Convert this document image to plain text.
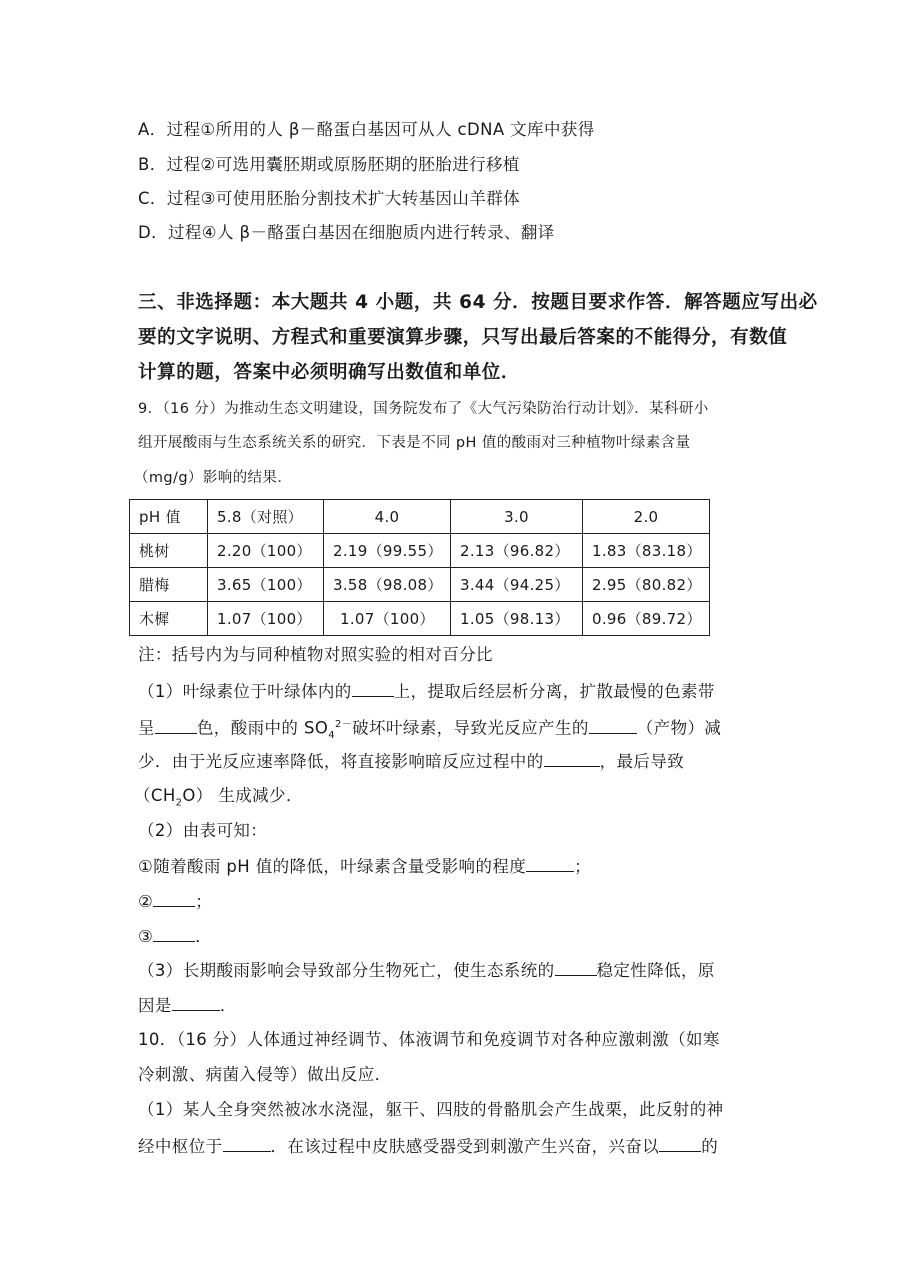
A．过程①所用的人 β－酪蛋白基因可从人 cDNA 文库中获得
B．过程②可选用囊胚期或原肠胚期的胚胎进行移植
C．过程③可使用胚胎分割技术扩大转基因山羊群体
D．过程④人 β－酪蛋白基因在细胞质内进行转录、翻译
三、非选择题：本大题共 4 小题，共 64 分．按题目要求作答．解答题应写出必
要的文字说明、方程式和重要演算步骤，只写出最后答案的不能得分，有数值
计算的题，答案中必须明确写出数值和单位．
9．（16 分）为推动生态文明建设，国务院发布了《大气污染防治行动计划》．某科研小
组开展酸雨与生态系统关系的研究．下表是不同 pH 值的酸雨对三种植物叶绿素含量
（mg/g）影响的结果．
pH 值	5.8（对照）	4.0	3.0	2.0
桃树	2.20（100）	2.19（99.55）	2.13（96.82）	1.83（83.18）
腊梅	3.65（100）	3.58（98.08）	3.44（94.25）	2.95（80.82）
木樨	1.07（100）	1.07（100）	1.05（98.13）	0.96（89.72）
注：括号内为与同种植物对照实验的相对百分比
（1）叶绿素位于叶绿体内的	上，提取后经层析分离，扩散最慢的色素带
呈	色，酸雨中的 $SO_4^{2-}$破坏叶绿素，导致光反应产生的	（产物）减
少．由于光反应速率降低，将直接影响暗反应过程中的	，最后导致
$(CH_2O)$ 生成减少．
（2）由表可知：
①随着酸雨 pH 值的降低，叶绿素含量受影响的程度	；
②	；
③	．
（3）长期酸雨影响会导致部分生物死亡，使生态系统的	稳定性降低，原
因是	．
10．（16 分）人体通过神经调节、体液调节和免疫调节对各种应激刺激（如寒
冷刺激、病菌入侵等）做出反应．
（1）某人全身突然被冰水浇湿，躯干、四肢的骨骼肌会产生战栗，此反射的神
经中枢位于	．在该过程中皮肤感受器受到刺激产生兴奋，兴奋以	的
